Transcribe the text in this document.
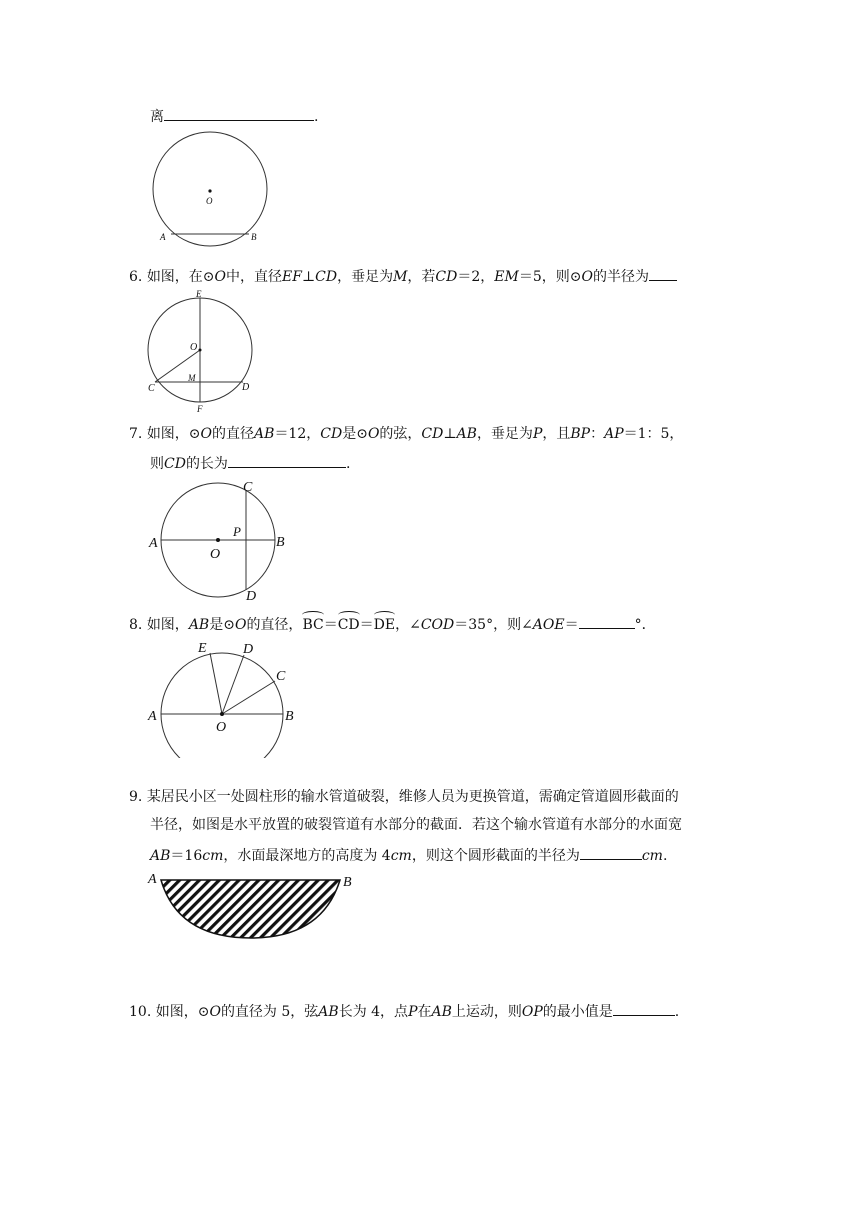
离	.
O
A	B
6. 如图，在⊙O中，直径EF⊥CD，垂足为M，若CD＝2，EM＝5，则⊙O的半径为
E
O
C
M
D
F
7. 如图，⊙O的直径AB＝12，CD是⊙O的弦，CD⊥AB，垂足为P，且BP：AP＝1：5，
则CD的长为	.
A	B
C
D
O
P
8. 如图，AB是⊙O的直径，BC＝CD＝DE，∠COD＝35°，则∠AOE＝	°．
A	B
C
D
E
O
9. 某居民小区一处圆柱形的输水管道破裂，维修人员为更换管道，需确定管道圆形截面的
半径，如图是水平放置的破裂管道有水部分的截面．若这个输水管道有水部分的水面宽
AB＝16cm，水面最深地方的高度为 4cm，则这个圆形截面的半径为	cm.
A	B
10. 如图，⊙O的直径为 5，弦AB长为 4，点P在AB上运动，则OP的最小值是	.
